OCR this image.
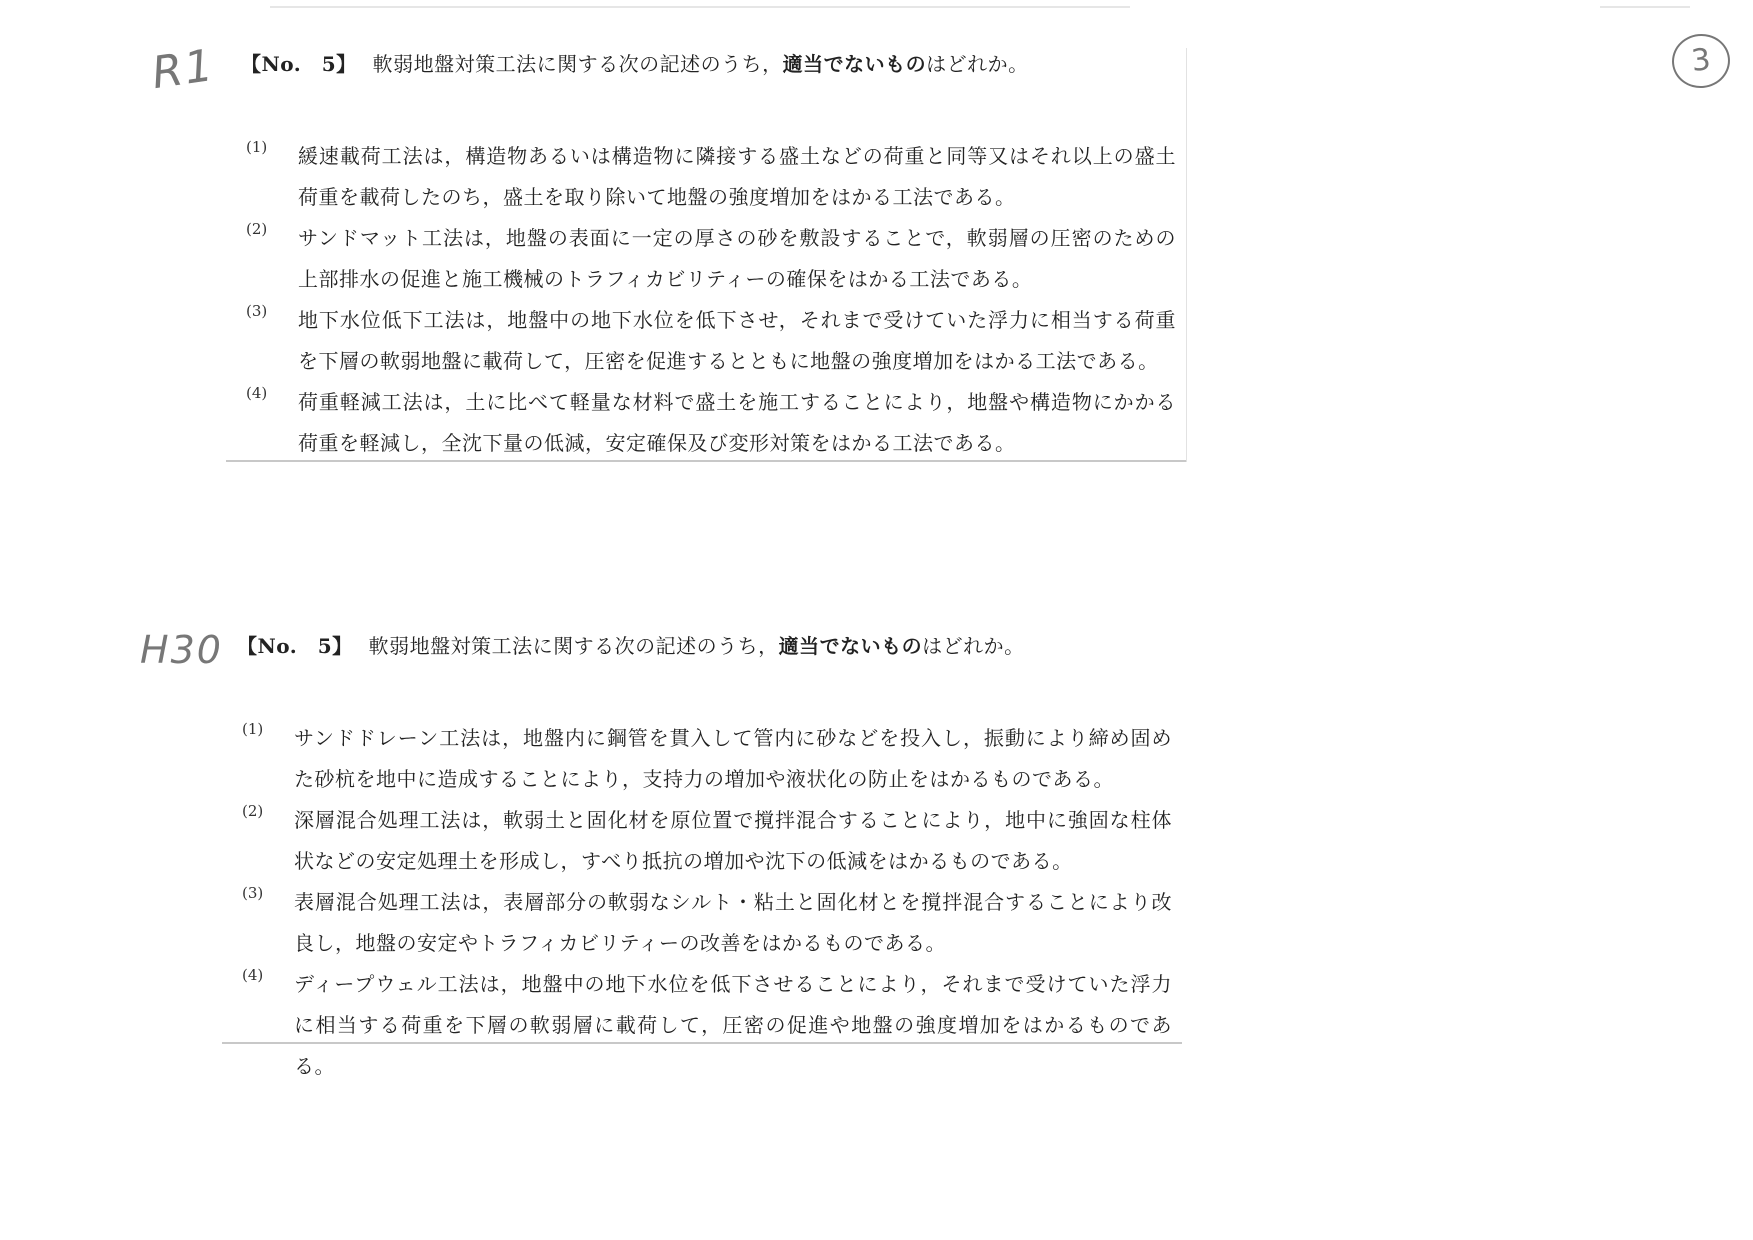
3
R1 【No.　5】 軟弱地盤対策工法に関する次の記述のうち，適当でないものはどれか。
(1) 緩速載荷工法は，構造物あるいは構造物に隣接する盛土などの荷重と同等又はそれ以上の盛土荷重を載荷したのち，盛土を取り除いて地盤の強度増加をはかる工法である。

(2) サンドマット工法は，地盤の表面に一定の厚さの砂を敷設することで，軟弱層の圧密のための上部排水の促進と施工機械のトラフィカビリティーの確保をはかる工法である。

(3) 地下水位低下工法は，地盤中の地下水位を低下させ，それまで受けていた浮力に相当する荷重を下層の軟弱地盤に載荷して，圧密を促進するとともに地盤の強度増加をはかる工法である。

(4) 荷重軽減工法は，土に比べて軽量な材料で盛土を施工することにより，地盤や構造物にかかる荷重を軽減し，全沈下量の低減，安定確保及び変形対策をはかる工法である。

H30 【No.　5】 軟弱地盤対策工法に関する次の記述のうち，適当でないものはどれか。
(1) サンドドレーン工法は，地盤内に鋼管を貫入して管内に砂などを投入し，振動により締め固めた砂杭を地中に造成することにより，支持力の増加や液状化の防止をはかるものである。

(2) 深層混合処理工法は，軟弱土と固化材を原位置で撹拌混合することにより，地中に強固な柱体状などの安定処理土を形成し，すべり抵抗の増加や沈下の低減をはかるものである。

(3) 表層混合処理工法は，表層部分の軟弱なシルト・粘土と固化材とを撹拌混合することにより改良し，地盤の安定やトラフィカビリティーの改善をはかるものである。

(4) ディープウェル工法は，地盤中の地下水位を低下させることにより，それまで受けていた浮力に相当する荷重を下層の軟弱層に載荷して，圧密の促進や地盤の強度増加をはかるものである。
